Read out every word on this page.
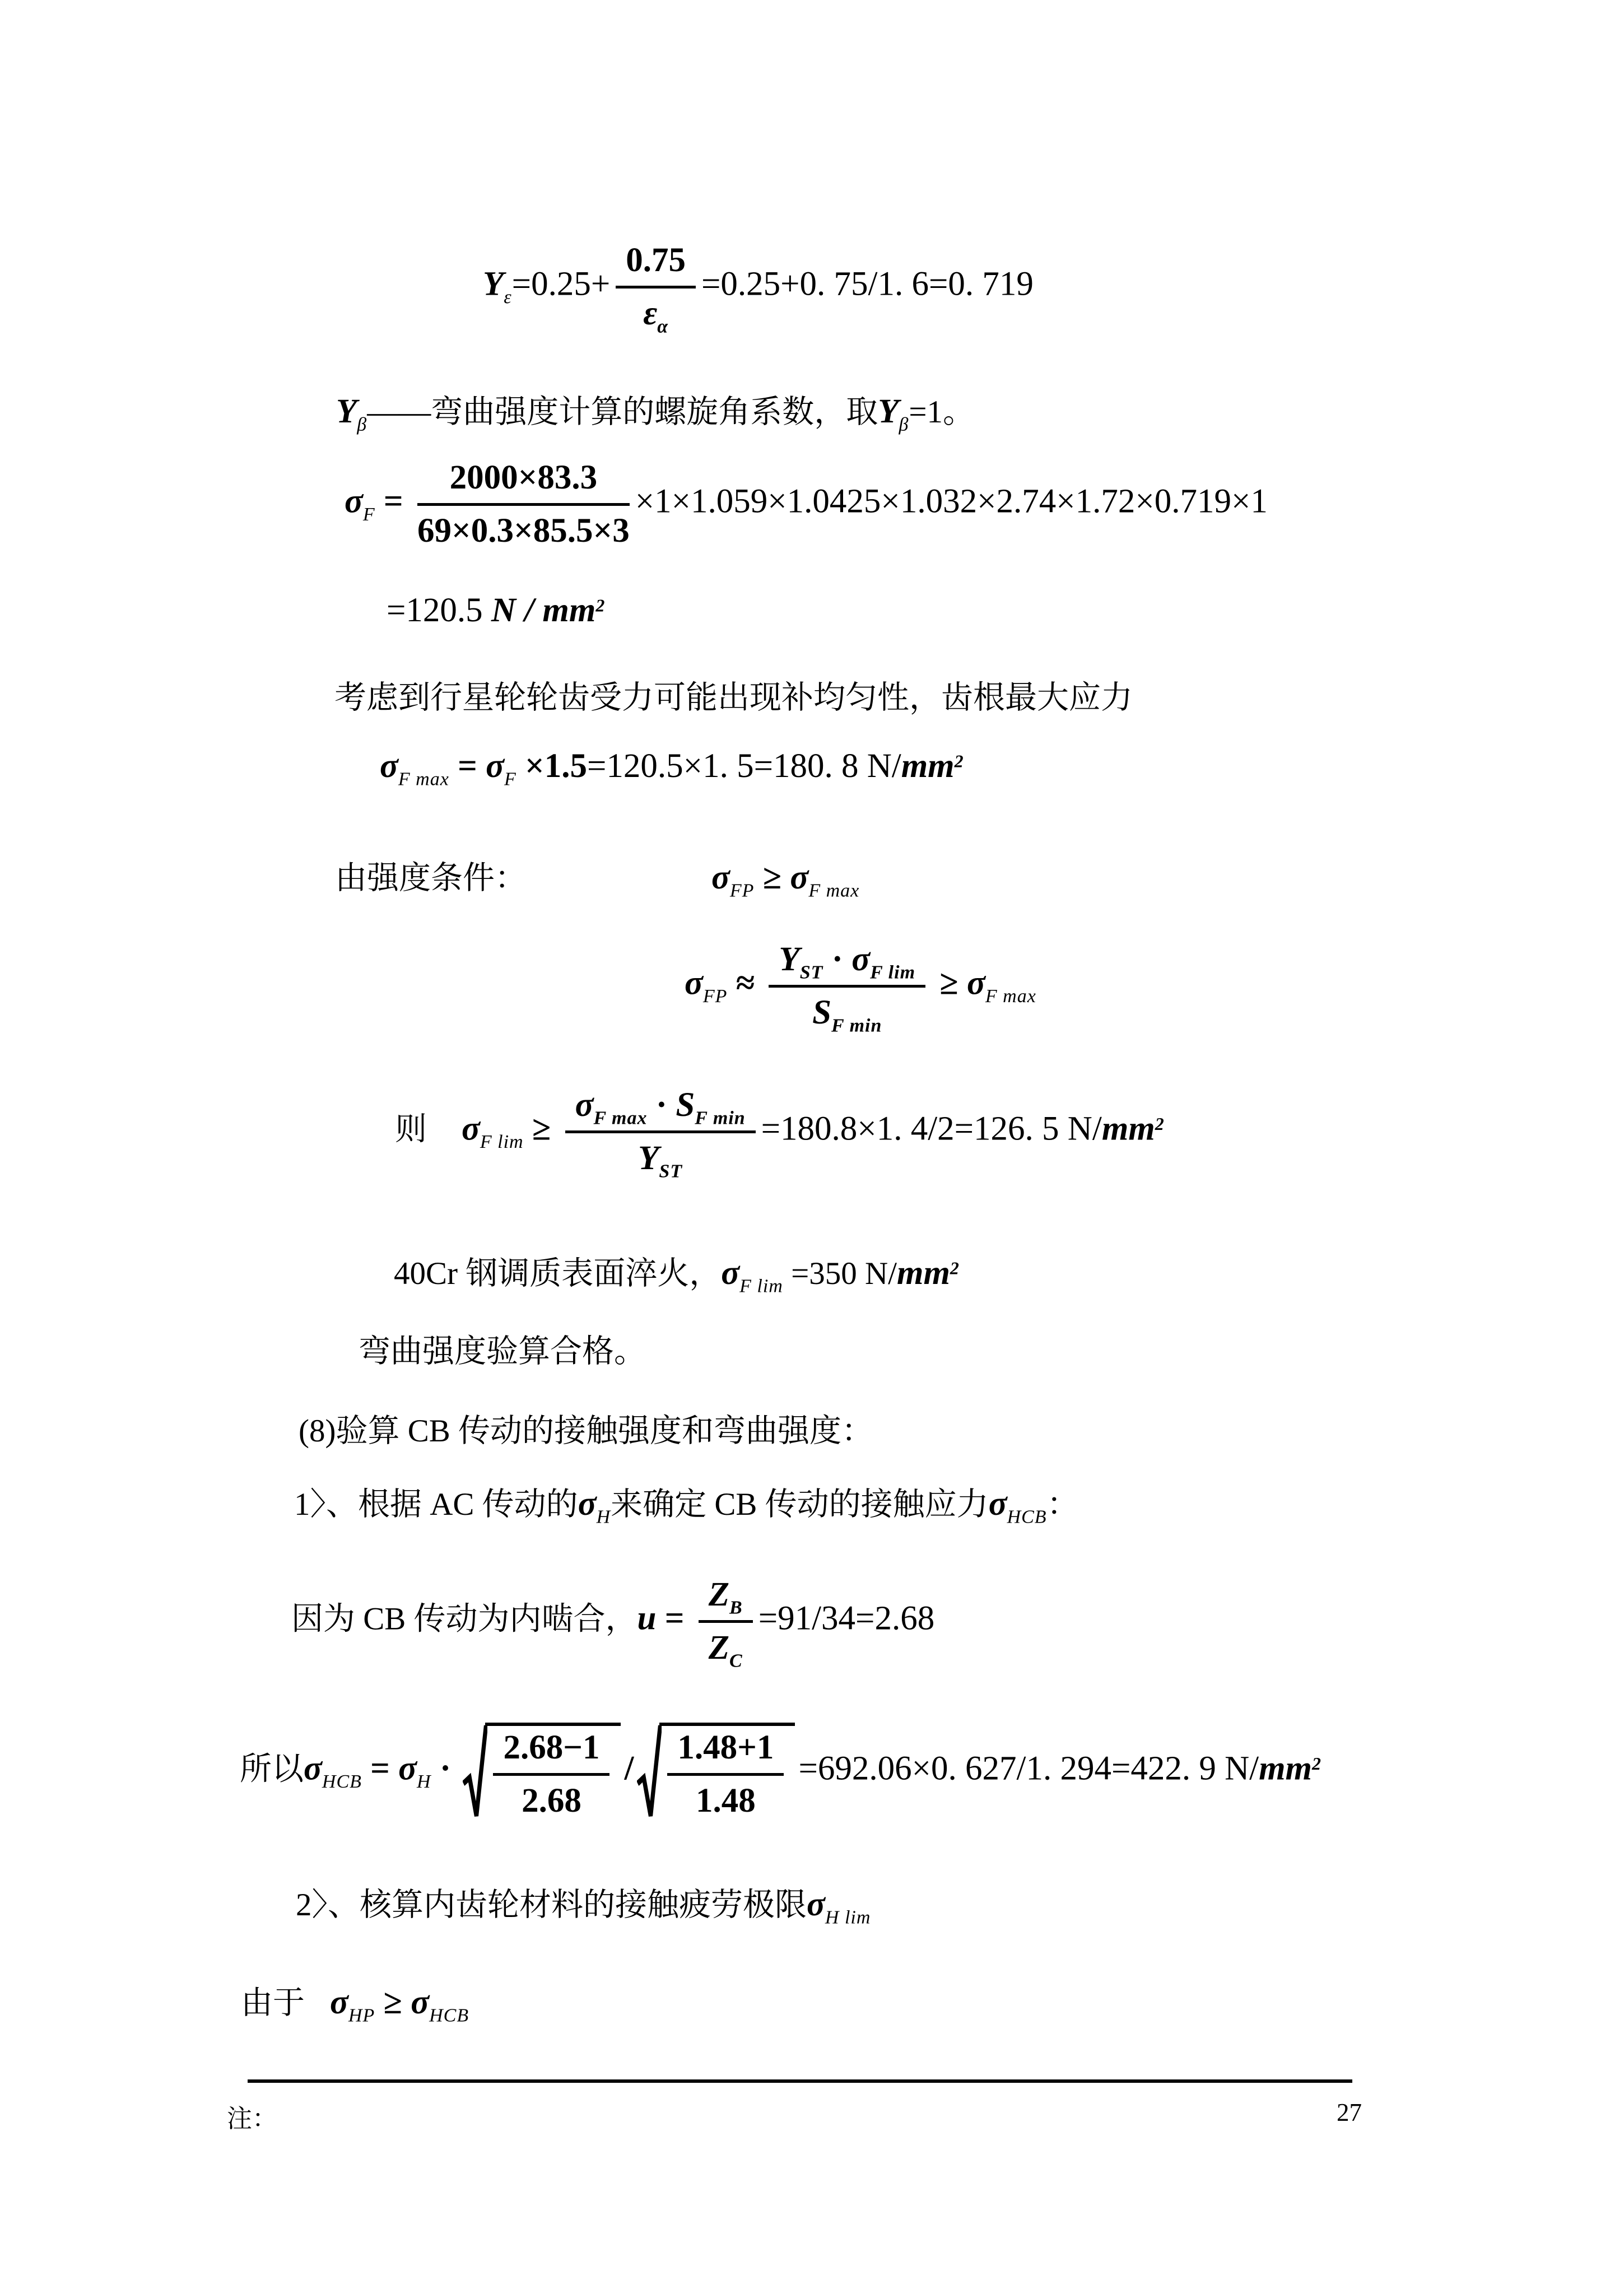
$Y_\varepsilon=0.25+ \frac{0.75}{\varepsilon_\alpha} =0.25+0$. 75/1. 6=0. 719
$Y_\beta——$弯曲强度计算的螺旋角系数，取$Y_\beta=1$。
$\sigma_F = \frac{2000\times 83.3}{69\times 0.3\times 85.5\times 3} \times 1\times 1.059\times 1.0425\times 1.032\times 2.74\times 1.72\times 0.719\times 1$
=120.5 N / $mm^2$
考虑到行星轮轮齿受力可能出现补均匀性，齿根最大应力
$\sigma_{F max} = \sigma_F \times 1.5=120.5\times 1$. 5=180. 8 $N/mm^2$
由强度条件：	$\sigma_{FP} \ge \sigma_{F max}$
$\sigma_{FP} \approx \frac{Y_{ST} \cdot \sigma_{F lim}}{S_{F min}} \ge \sigma_{F max}$
则 $\sigma_{F lim} \ge \frac{\sigma_{F max} \cdot S_{F min}}{Y_{ST}} =180.8\times 1$. 4/2=126. 5 $N/mm^2$
40Cr 钢调质表面淬火，$\sigma_{F lim} =350$ $N/mm^2$
弯曲强度验算合格。
(8)验算 CB 传动的接触强度和弯曲强度：
1〉、根据 AC 传动的$\sigma_H$来确定 CB 传动的接触应力$\sigma_{HCB}$：
因为 CB 传动为内啮合，$u = \frac{Z_B}{Z_C} =91/34=2.68$
所以$\sigma_{HCB} = \sigma_H \cdot \frac{2.68-1}{2.68} / \frac{1.48+1}{1.48} =692.06\times 0$. 627/1. 294=422. 9 $N/mm^2$
2〉、核算内齿轮材料的接触疲劳极限$\sigma_{H lim}$
由于 $\sigma_{HP} \ge \sigma_{HCB}$
注：	27
